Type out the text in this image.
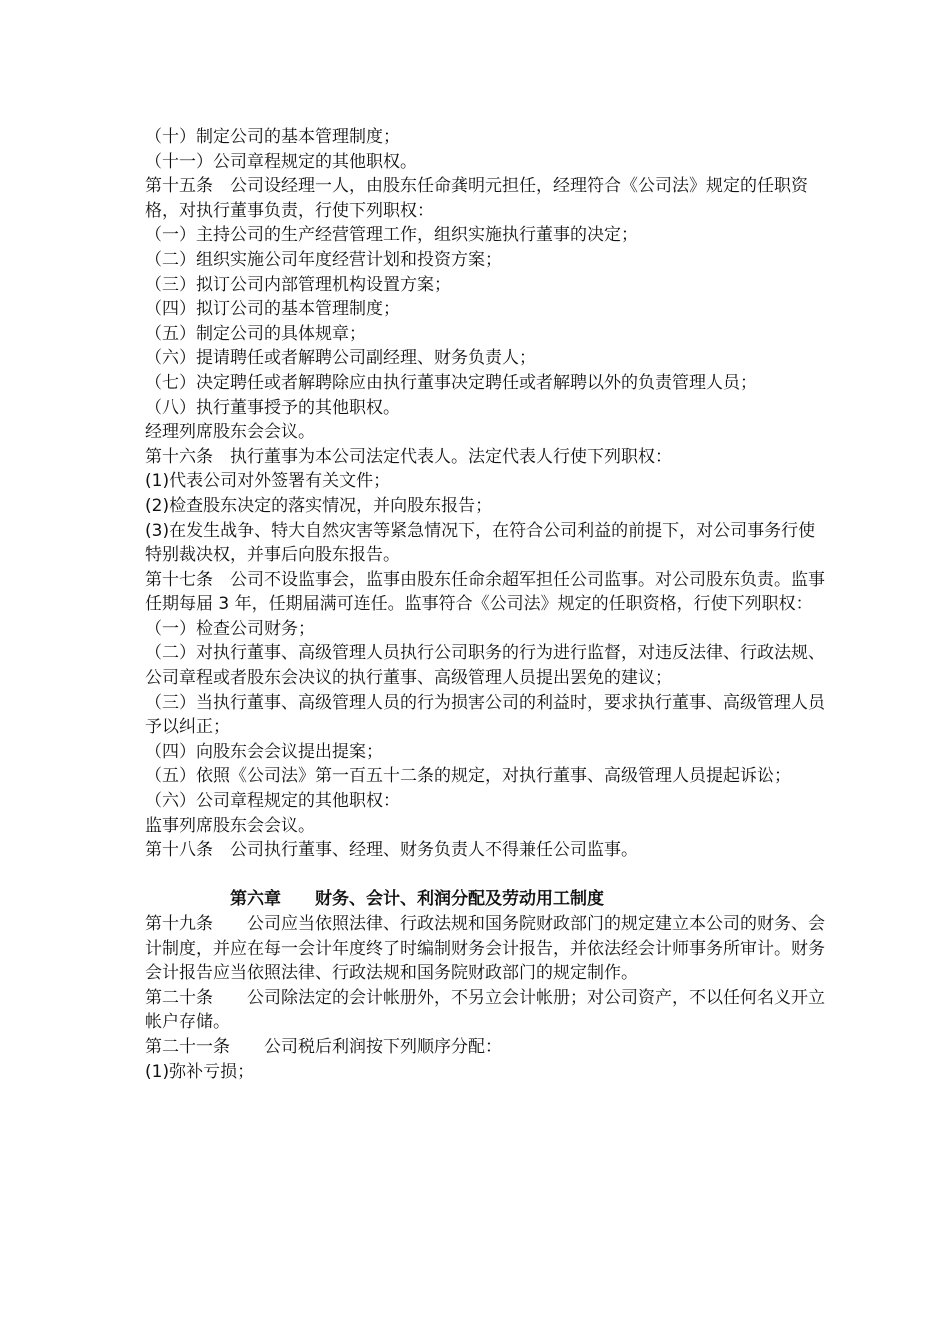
（十）制定公司的基本管理制度；

（十一）公司章程规定的其他职权。

第十五条　公司设经理一人，由股东任命龚明元担任，经理符合《公司法》规定的任职资格，对执行董事负责，行使下列职权：

（一）主持公司的生产经营管理工作，组织实施执行董事的决定；

（二）组织实施公司年度经营计划和投资方案；

（三）拟订公司内部管理机构设置方案；

（四）拟订公司的基本管理制度；

（五）制定公司的具体规章；

（六）提请聘任或者解聘公司副经理、财务负责人；

（七）决定聘任或者解聘除应由执行董事决定聘任或者解聘以外的负责管理人员；

（八）执行董事授予的其他职权。

经理列席股东会会议。

第十六条　执行董事为本公司法定代表人。法定代表人行使下列职权：

(1)代表公司对外签署有关文件；

(2)检查股东决定的落实情况，并向股东报告；

(3)在发生战争、特大自然灾害等紧急情况下，在符合公司利益的前提下，对公司事务行使特别裁决权，并事后向股东报告。

第十七条　公司不设监事会，监事由股东任命余超军担任公司监事。对公司股东负责。监事任期每届 3 年，任期届满可连任。监事符合《公司法》规定的任职资格，行使下列职权：

（一）检查公司财务；

（二）对执行董事、高级管理人员执行公司职务的行为进行监督，对违反法律、行政法规、公司章程或者股东会决议的执行董事、高级管理人员提出罢免的建议；

（三）当执行董事、高级管理人员的行为损害公司的利益时，要求执行董事、高级管理人员予以纠正；

（四）向股东会会议提出提案；

（五）依照《公司法》第一百五十二条的规定，对执行董事、高级管理人员提起诉讼；

（六）公司章程规定的其他职权：

监事列席股东会会议。

第十八条　公司执行董事、经理、财务负责人不得兼任公司监事。

第六章　　财务、会计、利润分配及劳动用工制度

第十九条　　公司应当依照法律、行政法规和国务院财政部门的规定建立本公司的财务、会计制度，并应在每一会计年度终了时编制财务会计报告，并依法经会计师事务所审计。财务会计报告应当依照法律、行政法规和国务院财政部门的规定制作。

第二十条　　公司除法定的会计帐册外，不另立会计帐册；对公司资产，不以任何名义开立帐户存储。

第二十一条　　公司税后利润按下列顺序分配：

(1)弥补亏损；
